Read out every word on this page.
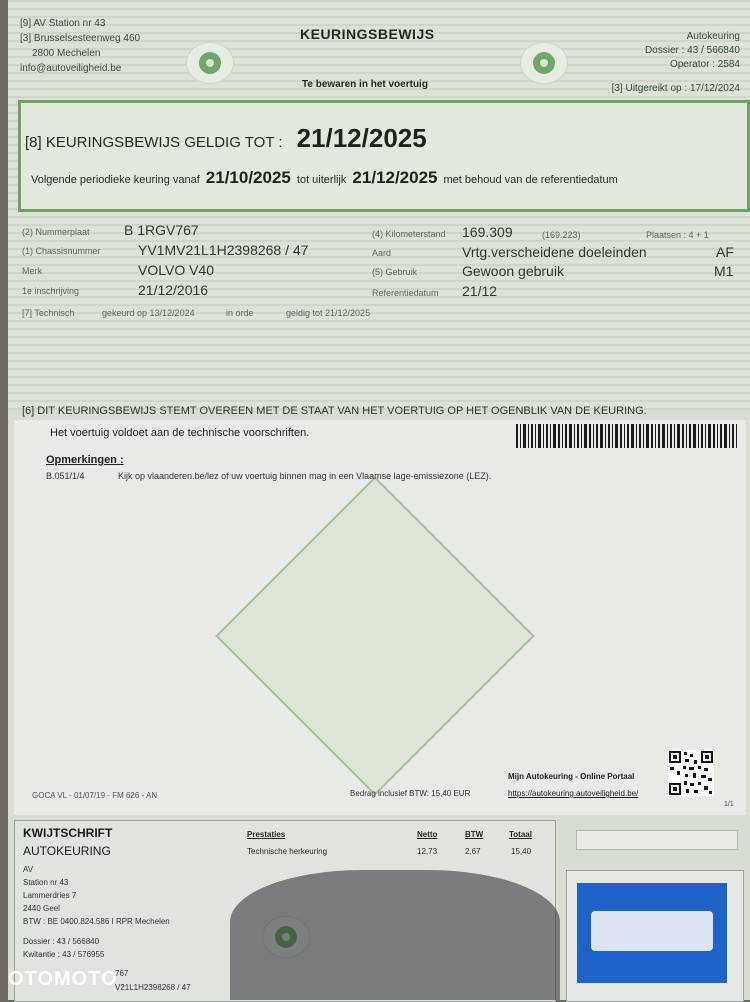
[9] AV Station nr 43
[3] Brusselsesteenweg 460
2800 Mechelen
info@autoveiligheid.be
KEURINGSBEWIJS
Te bewaren in het voertuig
Autokeuring
Dossier : 43 / 566840
Operator : 2584
[3] Uitgereikt op : 17/12/2024
[8] KEURINGSBEWIJS GELDIG TOT : 21/12/2025
Volgende periodieke keuring vanaf 21/10/2025 tot uiterlijk 21/12/2025 met behoud van de referentiedatum
(2) Nummerplaat B 1RGV767
(1) Chassisnummer	YV1MV21L1H2398268 / 47
Merk	VOLVO V40
1e inschrijving	21/12/2016
(4) Kilometerstand 169.309	(169.223)	Plaatsen : 4 + 1
Aard	Vrtg.verscheidene doeleinden	AF
(5) Gebruik	Gewoon gebruik	M1
Referentiedatum 21/12
[7] Technisch	gekeurd op 13/12/2024	in orde	geldig tot 21/12/2025
[6] DIT KEURINGSBEWIJS STEMT OVEREEN MET DE STAAT VAN HET VOERTUIG OP HET OGENBLIK VAN DE KEURING.
Het voertuig voldoet aan de technische voorschriften.
Opmerkingen :
B.051/1/4	Kijk op vlaanderen.be/lez of uw voertuig binnen mag in een Vlaamse lage-emissiezone (LEZ).
GOCA VL - 01/07/19 - FM 626 - AN	Bedrag inclusief BTW: 15,40 EUR
Mijn Autokeuring - Online Portaal
https://autokeuring.autoveiligheid.be/
1/1
KWIJTSCHRIFT
AUTOKEURING
AV
Station nr 43
Lammerdries 7
2440 Geel
BTW : BE 0400.824.586 I RPR Mechelen
Dossier : 43 / 566840
Kwitantie : 43 / 576955
767
V21L1H2398268 / 47
Prestaties	Netto	BTW	Totaal
Technische herkeuring	12,73	2,67	15,40
OTOMOTO
